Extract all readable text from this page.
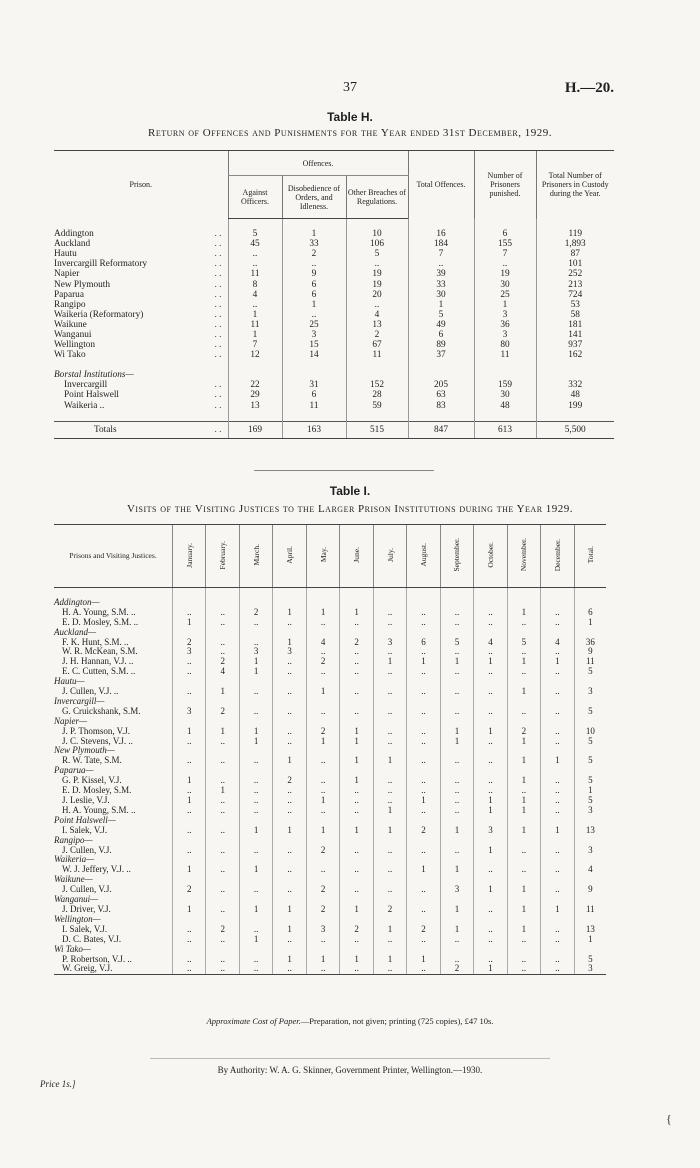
37	H.—20.
Table H.
Return of Offences and Punishments for the Year ended 31st December, 1929.
Prison.	Offences.			Total Offences.	Number of Prisoners punished.	Total Number of Prisoners in Custody during the Year.
	Against Officers.	Disobedience of Orders, and Idleness.	Other Breaches of Regulations.			

Addington . .	5	1	10	16	6	119
Auckland . .	45	33	106	184	155	1,893
Hautu . .	..	2	5	7	7	87
Invercargill Reformatory . .	..	..	..	..	..	101
Napier . .	11	9	19	39	19	252
New Plymouth . .	8	6	19	33	30	213
Paparua . .	4	6	20	30	25	724
Rangipo . .	..	1	..	1	1	53
Waikeria (Reformatory) . .	1	..	4	5	3	58
Waikune . .	11	25	13	49	36	181
Wanganui . .	1	3	2	6	3	141
Wellington . .	7	15	67	89	80	937
Wi Tako . .	12	14	11	37	11	162

Borstal Institutions—						
Invercargill . .	22	31	152	205	159	332
Point Halswell . .	29	6	28	63	30	48
Waikeria .. . .	13	11	59	83	48	199

Totals . .	169	163	515	847	613	5,500
Table I.
Visits of the Visiting Justices to the Larger Prison Institutions during the Year 1929.
Prisons and Visiting Justices.	January.	February.	March.	April.	May.	June.	July.	August.	September.	October.	November.	December.	Total.

Addington—													
H. A. Young, S.M. ..	..	..	2	1	1	1	..	..	..	..	1	..	6
E. D. Mosley, S.M. ..	1	..	..	..	..	..	..	..	..	..	..	..	1
Auckland—													
F. K. Hunt, S.M. ..	2	..	..	1	4	2	3	6	5	4	5	4	36
W. R. McKean, S.M.	3	..	3	3	..	..	..	..	..	..	..	..	9
J. H. Hannan, V.J. ..	..	2	1	..	2	..	1	1	1	1	1	1	11
E. C. Cutten, S.M. ..	..	4	1	..	..	..	..	..	..	..	..	..	5
Hautu—													
J. Cullen, V.J. ..	..	1	..	..	1	..	..	..	..	..	1	..	3
Invercargill—													
G. Cruickshank, S.M.	3	2	..	..	..	..	..	..	..	..	..	..	5
Napier—													
J. P. Thomson, V.J.	1	1	1	..	2	1	..	..	1	1	2	..	10
J. C. Stevens, V.J. ..	..	..	1	..	1	1	..	..	1	..	1	..	5
New Plymouth—													
R. W. Tate, S.M.	..	..	..	1	..	1	1	..	..	..	1	1	5
Paparua—													
G. P. Kissel, V.J.	1	..	..	2	..	1	..	..	..	..	1	..	5
E. D. Mosley, S.M.	..	1	..	..	..	..	..	..	..	..	..	..	1
J. Leslie, V.J.	1	..	..	..	1	..	..	1	..	1	1	..	5
H. A. Young, S.M. ..	..	..	..	..	..	..	1	..	..	1	1	..	3
Point Halswell—													
I. Salek, V.J.	..	..	1	1	1	1	1	2	1	3	1	1	13
Rangipo—													
J. Cullen, V.J.	..	..	..	..	2	..	..	..	..	1	..	..	3
Waikeria—													
W. J. Jeffery, V.J. ..	1	..	1	..	..	..	..	1	1	..	..	..	4
Waikune—													
J. Cullen, V.J.	2	..	..	..	2	..	..	..	3	1	1	..	9
Wanganui—													
J. Driver, V.J.	1	..	1	1	2	1	2	..	1	..	1	1	11
Wellington—													
I. Salek, V.J.	..	2	..	1	3	2	1	2	1	..	1	..	13
D. C. Bates, V.J.	..	..	1	..	..	..	..	..	..	..	..	..	1
Wi Tako—													
P. Robertson, V.J. ..	..	..	..	1	1	1	1	1	..	..	..	..	5
W. Greig, V.J.	..	..	..	..	..	..	..	..	2	1	..	..	3
Approximate Cost of Paper.—Preparation, not given; printing (725 copies), £47 10s.
By Authority: W. A. G. Skinner, Government Printer, Wellington.—1930.
Price 1s.]
{
